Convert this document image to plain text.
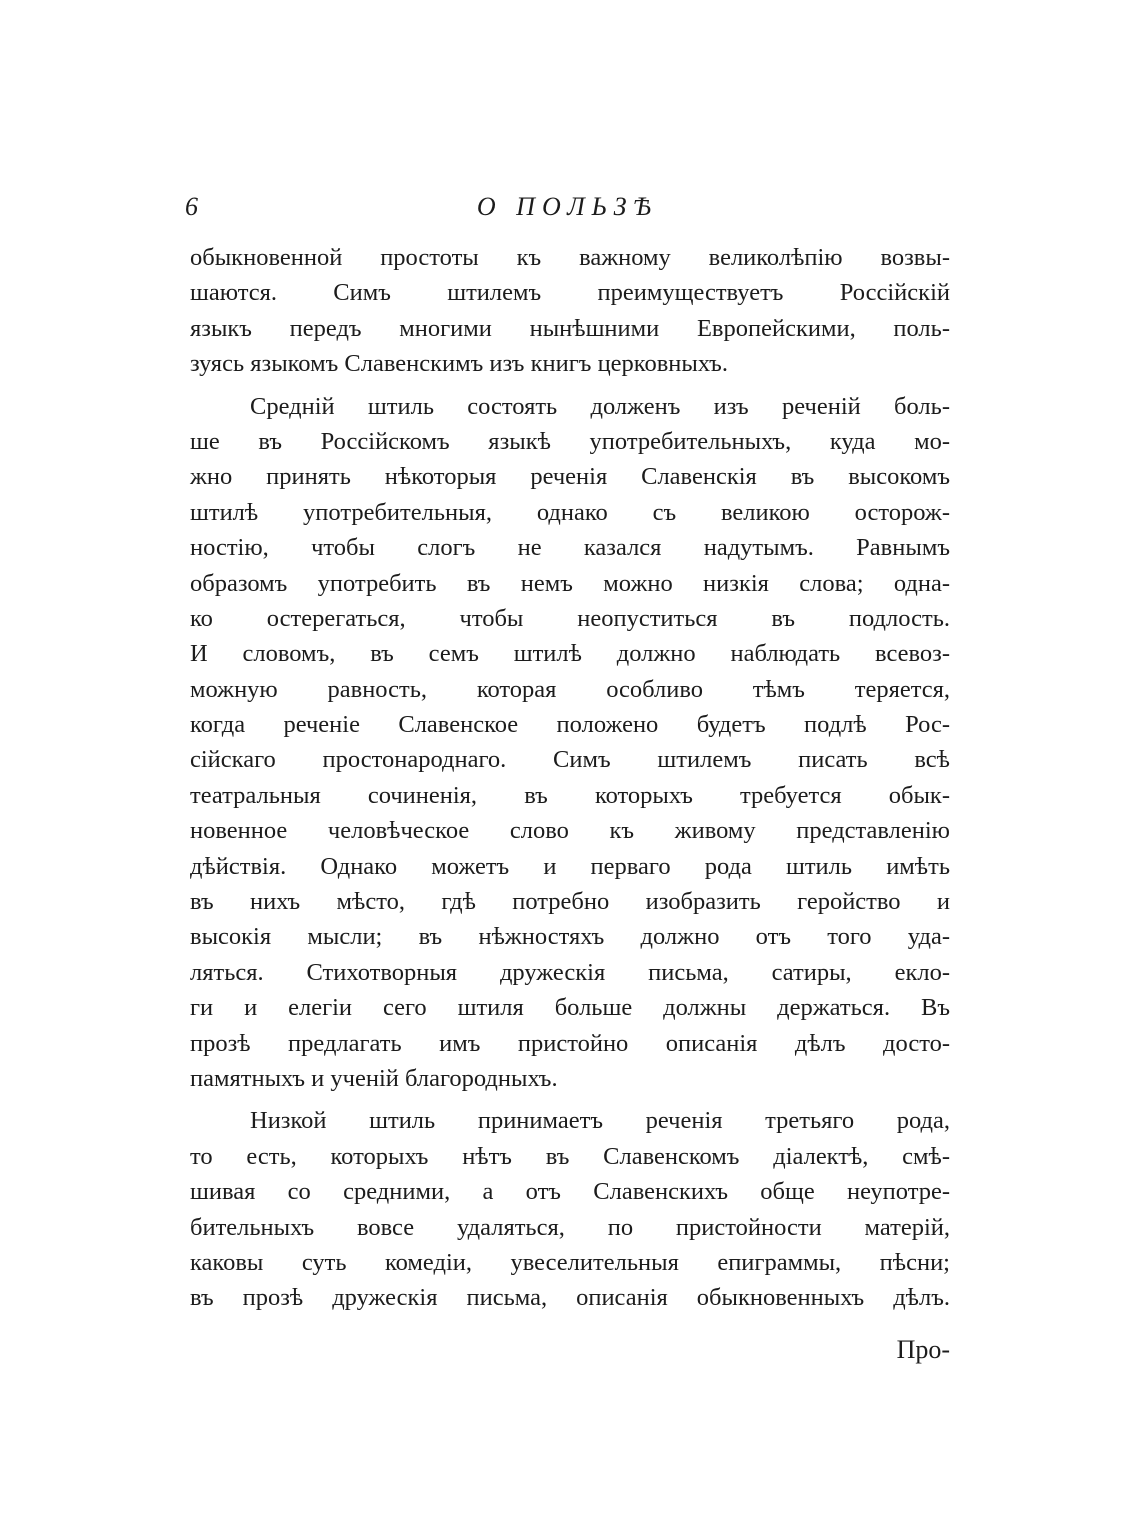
6	О ПОЛЬЗѢ
обыкновенной простоты къ важному великолѣпію возвы-
шаются. Симъ штилемъ преимуществуетъ Россійскій
языкъ передъ многими нынѣшними Европейскими, поль-
зуясь языкомъ Славенскимъ изъ книгъ церковныхъ.
Средній штиль состоять долженъ изъ реченій боль-
ше въ Россійскомъ языкѣ употребительныхъ, куда мо-
жно принять нѣкоторыя реченія Славенскія въ высокомъ
штилѣ употребительныя, однако съ великою осторож-
ностію, чтобы слогъ не казался надутымъ. Равнымъ
образомъ употребить въ немъ можно низкія слова; одна-
ко остерегаться, чтобы неопуститься въ подлость.
И словомъ, въ семъ штилѣ должно наблюдать всевоз-
можную равность, которая особливо тѣмъ теряется,
когда реченіе Славенское положено будетъ подлѣ Рос-
сійскаго простонароднаго. Симъ штилемъ писать всѣ
театральныя сочиненія, въ которыхъ требуется обык-
новенное человѣческое слово къ живому представленію
дѣйствія. Однако можетъ и перваго рода штиль имѣть
въ нихъ мѣсто, гдѣ потребно изобразить геройство и
высокія мысли; въ нѣжностяхъ должно отъ того уда-
ляться. Стихотворныя дружескія письма, сатиры, екло-
ги и елегіи сего штиля больше должны держаться. Въ
прозѣ предлагать имъ пристойно описанія дѣлъ досто-
памятныхъ и ученій благородныхъ.
Низкой штиль принимаетъ реченія третьяго рода,
то есть, которыхъ нѣтъ въ Славенскомъ діалектѣ, смѣ-
шивая со средними, а отъ Славенскихъ обще неупотре-
бительныхъ вовсе удаляться, по пристойности матерій,
каковы суть комедіи, увеселительныя епиграммы, пѣсни;
въ прозѣ дружескія письма, описанія обыкновенныхъ дѣлъ.
Про-
